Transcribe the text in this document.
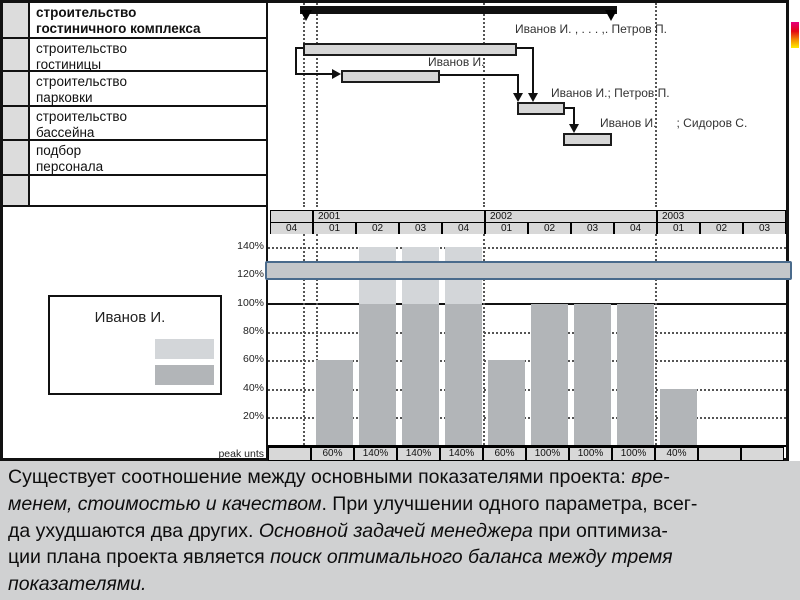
строительство
гостиничного комплекса
строительство
гостиницы
строительство
парковки
строительство
бассейна
подбор
персонала
Иванов И. , . . . ,. Петров П.
Иванов И.
Иванов И.; Петров П.
Иванов И.      ; Сидоров С.
2001	2002	2003
04	01	02	03	04	01	02	03	04	01	02	03
60%	140%	140%	140%	60%	100%	100%	100%	40%
peak unts
140%
120%
100%
80%
60%
40%
20%
Иванов И.
Существует соотношение между основными показателями проекта: вре-
менем, стоимостью и качеством. При улучшении одного параметра, всег-
да ухудшаются два других. Основной задачей менеджера при оптимиза-
ции плана проекта является поиск оптимального баланса между тремя
показателями.
